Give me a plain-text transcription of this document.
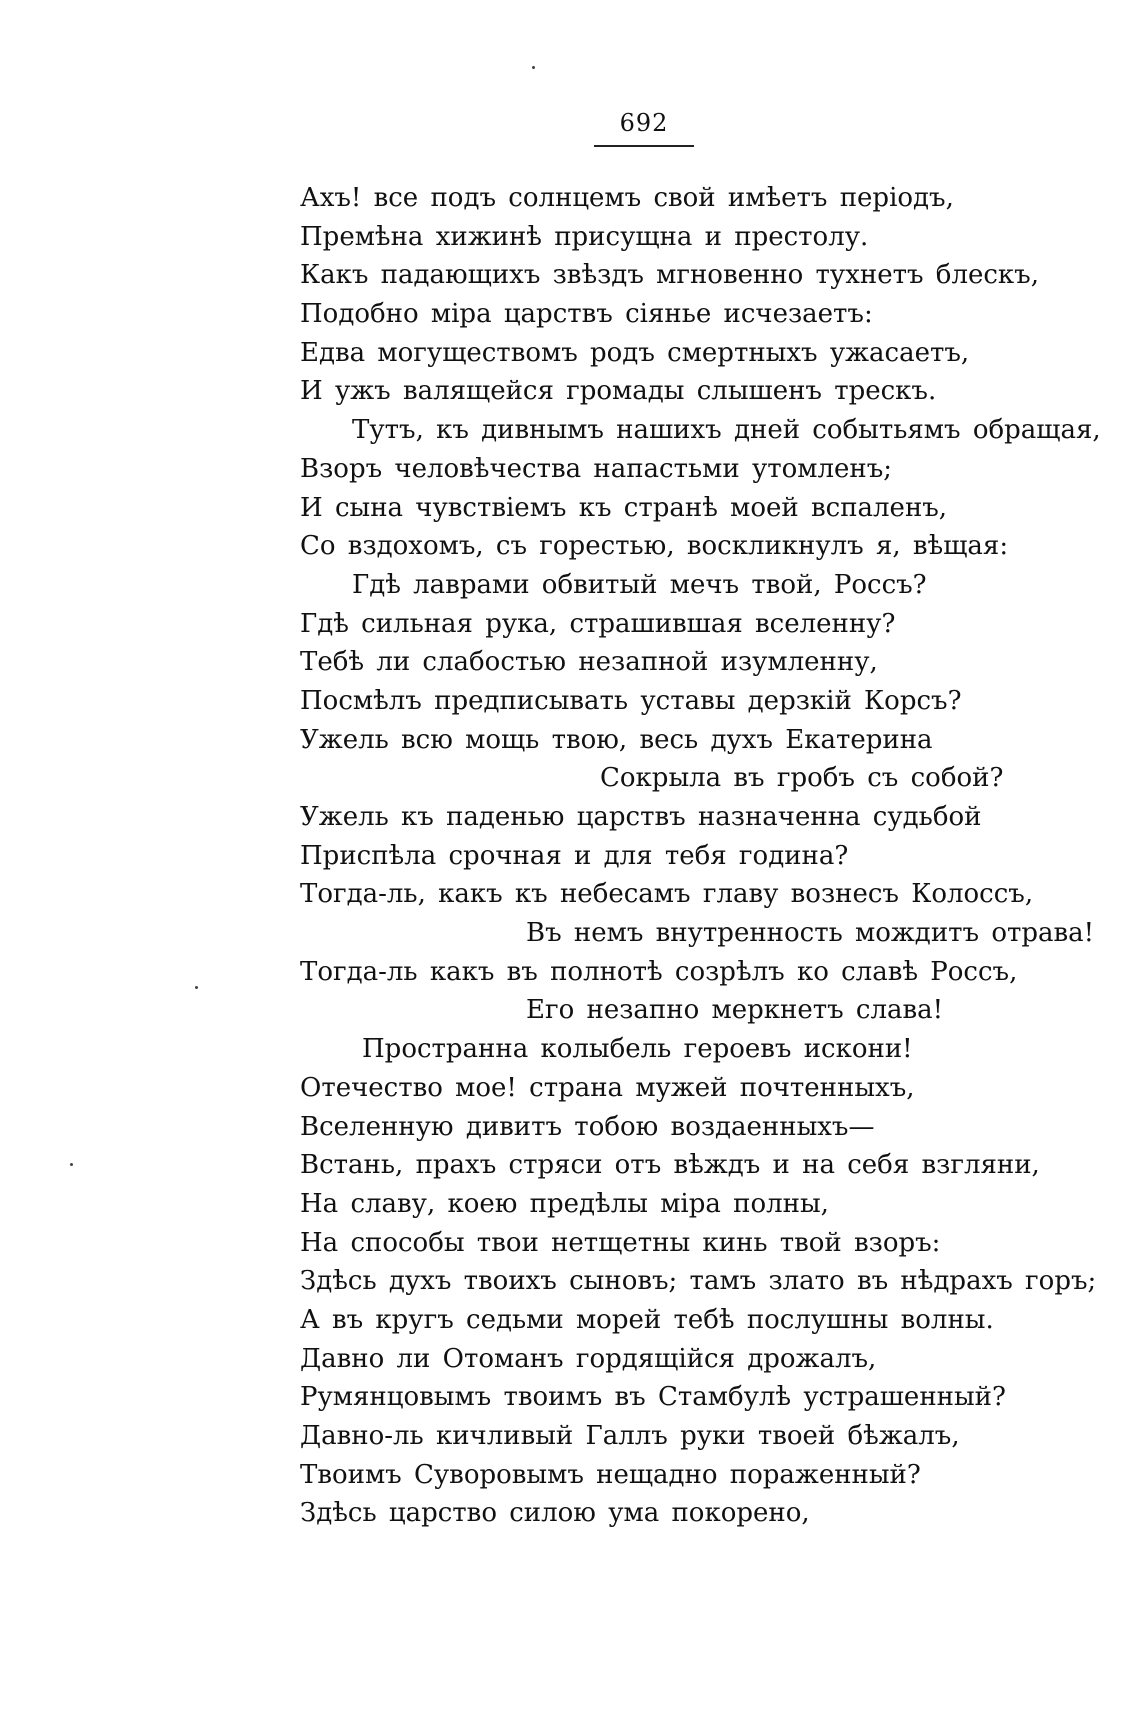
692
Ахъ! все подъ солнцемъ свой имѣетъ періодъ,
Премѣна хижинѣ присущна и престолу.
Какъ падающихъ звѣздъ мгновенно тухнетъ блескъ,
Подобно міра царствъ сіянье исчезаетъ:
Едва могуществомъ родъ смертныхъ ужасаетъ,
И ужъ валящейся громады слышенъ трескъ.
Тутъ, къ дивнымъ нашихъ дней событьямъ обращая,
Взоръ человѣчества напастьми утомленъ;
И сына чувствіемъ къ странѣ моей вспаленъ,
Со вздохомъ, съ горестью, воскликнулъ я, вѣщая:
Гдѣ лаврами обвитый мечъ твой, Россъ?
Гдѣ сильная рука, страшившая вселенну?
Тебѣ ли слабостью незапной изумленну,
Посмѣлъ предписывать уставы дерзкій Корсъ?
Ужель всю мощь твою, весь духъ Екатерина
Сокрыла въ гробъ съ собой?
Ужель къ паденью царствъ назначенна судьбой
Приспѣла срочная и для тебя година?
Тогда-ль, какъ къ небесамъ главу вознесъ Колоссъ,
Въ немъ внутренность мождитъ отрава!
Тогда-ль какъ въ полнотѣ созрѣлъ ко славѣ Россъ,
Его незапно меркнетъ слава!
Пространна колыбель героевъ искони!
Отечество мое! страна мужей почтенныхъ,
Вселенную дивитъ тобою воздаенныхъ—
Встань, прахъ стряси отъ вѣждъ и на себя взгляни,
На славу, коею предѣлы міра полны,
На способы твои нетщетны кинь твой взоръ:
Здѣсь духъ твоихъ сыновъ; тамъ злато въ нѣдрахъ горъ;
А въ кругъ седьми морей тебѣ послушны волны.
Давно ли Отоманъ гордящійся дрожалъ,
Румянцовымъ твоимъ въ Стамбулѣ устрашенный?
Давно-ль кичливый Галлъ руки твоей бѣжалъ,
Твоимъ Суворовымъ нещадно пораженный?
Здѣсь царство силою ума покорено,
